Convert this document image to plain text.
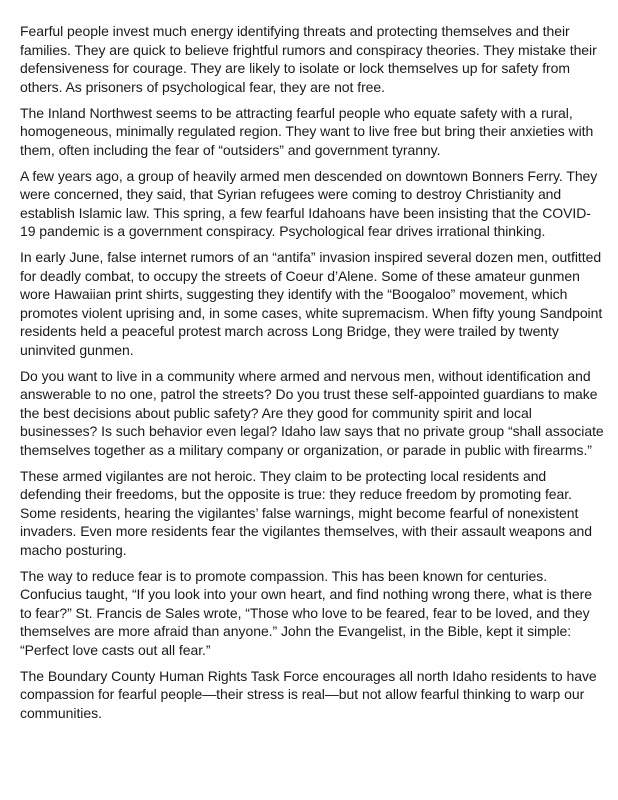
Fearful people invest much energy identifying threats and protecting themselves and their families. They are quick to believe frightful rumors and conspiracy theories. They mistake their defensiveness for courage. They are likely to isolate or lock themselves up for safety from others. As prisoners of psychological fear, they are not free.

The Inland Northwest seems to be attracting fearful people who equate safety with a rural, homogeneous, minimally regulated region. They want to live free but bring their anxieties with them, often including the fear of “outsiders” and government tyranny.

A few years ago, a group of heavily armed men descended on downtown Bonners Ferry. They were concerned, they said, that Syrian refugees were coming to destroy Christianity and establish Islamic law. This spring, a few fearful Idahoans have been insisting that the COVID-19 pandemic is a government conspiracy. Psychological fear drives irrational thinking.

In early June, false internet rumors of an “antifa” invasion inspired several dozen men, outfitted for deadly combat, to occupy the streets of Coeur d’Alene. Some of these amateur gunmen wore Hawaiian print shirts, suggesting they identify with the “Boogaloo” movement, which promotes violent uprising and, in some cases, white supremacism. When fifty young Sandpoint residents held a peaceful protest march across Long Bridge, they were trailed by twenty uninvited gunmen.

Do you want to live in a community where armed and nervous men, without identification and answerable to no one, patrol the streets? Do you trust these self-appointed guardians to make the best decisions about public safety? Are they good for community spirit and local businesses? Is such behavior even legal? Idaho law says that no private group “shall associate themselves together as a military company or organization, or parade in public with firearms.”

These armed vigilantes are not heroic. They claim to be protecting local residents and defending their freedoms, but the opposite is true: they reduce freedom by promoting fear. Some residents, hearing the vigilantes’ false warnings, might become fearful of nonexistent invaders. Even more residents fear the vigilantes themselves, with their assault weapons and macho posturing.

The way to reduce fear is to promote compassion. This has been known for centuries. Confucius taught, “If you look into your own heart, and find nothing wrong there, what is there to fear?” St. Francis de Sales wrote, “Those who love to be feared, fear to be loved, and they themselves are more afraid than anyone.” John the Evangelist, in the Bible, kept it simple: “Perfect love casts out all fear.”

The Boundary County Human Rights Task Force encourages all north Idaho residents to have compassion for fearful people—their stress is real—but not allow fearful thinking to warp our communities.
